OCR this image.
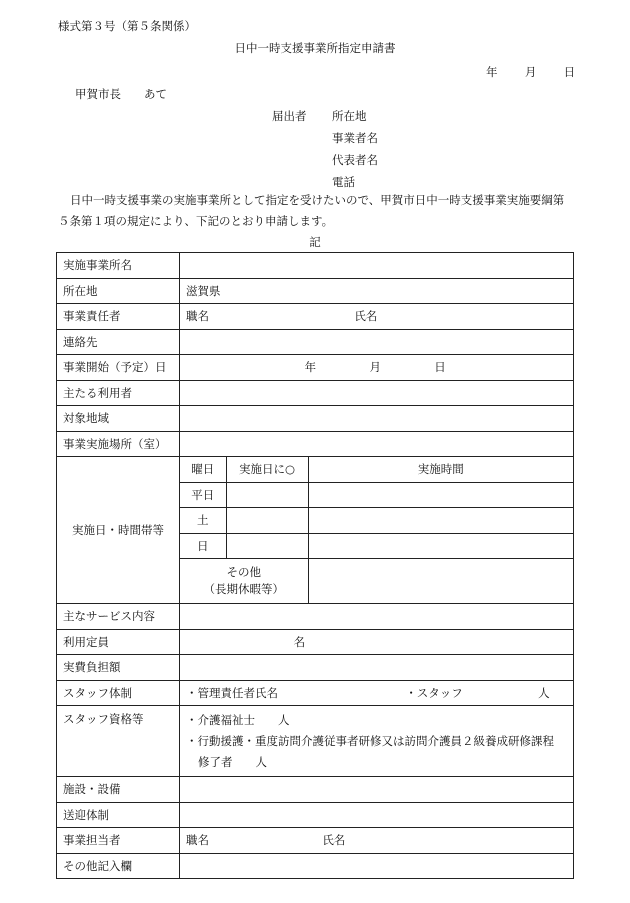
様式第３号（第５条関係）
日中一時支援事業所指定申請書
年 月 日
甲賀市長　　あて
届出者 所在地
事業者名
代表者名
電話
日中一時支援事業の実施事業所として指定を受けたいので、甲賀市日中一時支援事業実施要綱第５条第１項の規定により、下記のとおり申請します。
記
実施事業所名	
所在地	滋賀県
事業責任者	職名	氏名
連絡先	
事業開始（予定）日	年	月	日
主たる利用者	
対象地域	
事業実施場所（室）	
実施日・時間帯等	
曜日	実施日に○	実施時間
平日		
土		
日		
その他
（長期休暇等）	

主なサービス内容	
利用定員	名
実費負担額	
スタッフ体制	・管理責任者氏名	・スタッフ	人
スタッフ資格等	・介護福祉士　　人
・行動援護・重度訪問介護従事者研修又は訪問介護員２級養成研修課程
修了者　　人

施設・設備	
送迎体制	
事業担当者	職名	氏名
その他記入欄	
